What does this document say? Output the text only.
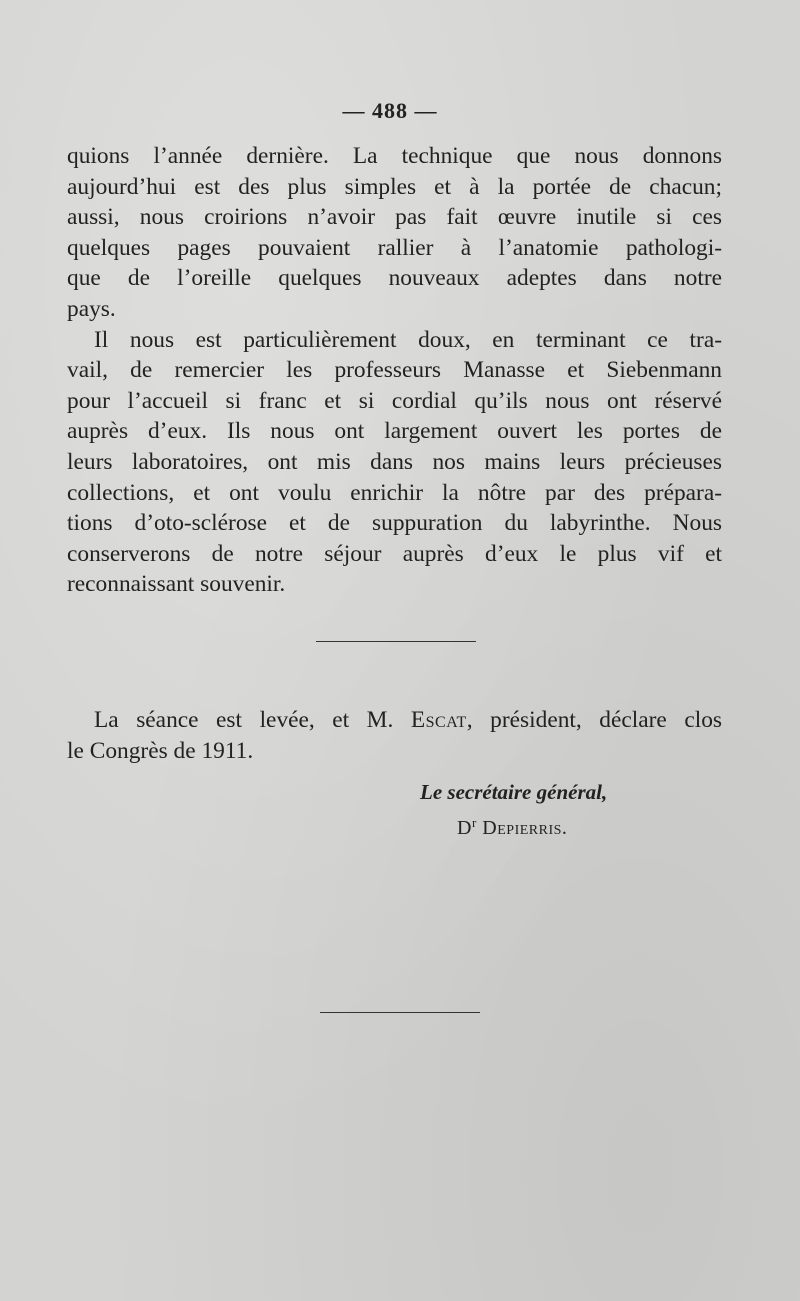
— 488 —
quions l’année dernière. La technique que nous donnons
aujourd’hui est des plus simples et à la portée de chacun;
aussi, nous croirions n’avoir pas fait œuvre inutile si ces
quelques pages pouvaient rallier à l’anatomie pathologi-
que de l’oreille quelques nouveaux adeptes dans notre
pays.
Il nous est particulièrement doux, en terminant ce tra-
vail, de remercier les professeurs Manasse et Siebenmann
pour l’accueil si franc et si cordial qu’ils nous ont réservé
auprès d’eux. Ils nous ont largement ouvert les portes de
leurs laboratoires, ont mis dans nos mains leurs précieuses
collections, et ont voulu enrichir la nôtre par des prépara-
tions d’oto-sclérose et de suppuration du labyrinthe. Nous
conserverons de notre séjour auprès d’eux le plus vif et
reconnaissant souvenir.
La séance est levée, et M. Escat, président, déclare clos
le Congrès de 1911.
Le secrétaire général,
$D^r$ Depierris.
